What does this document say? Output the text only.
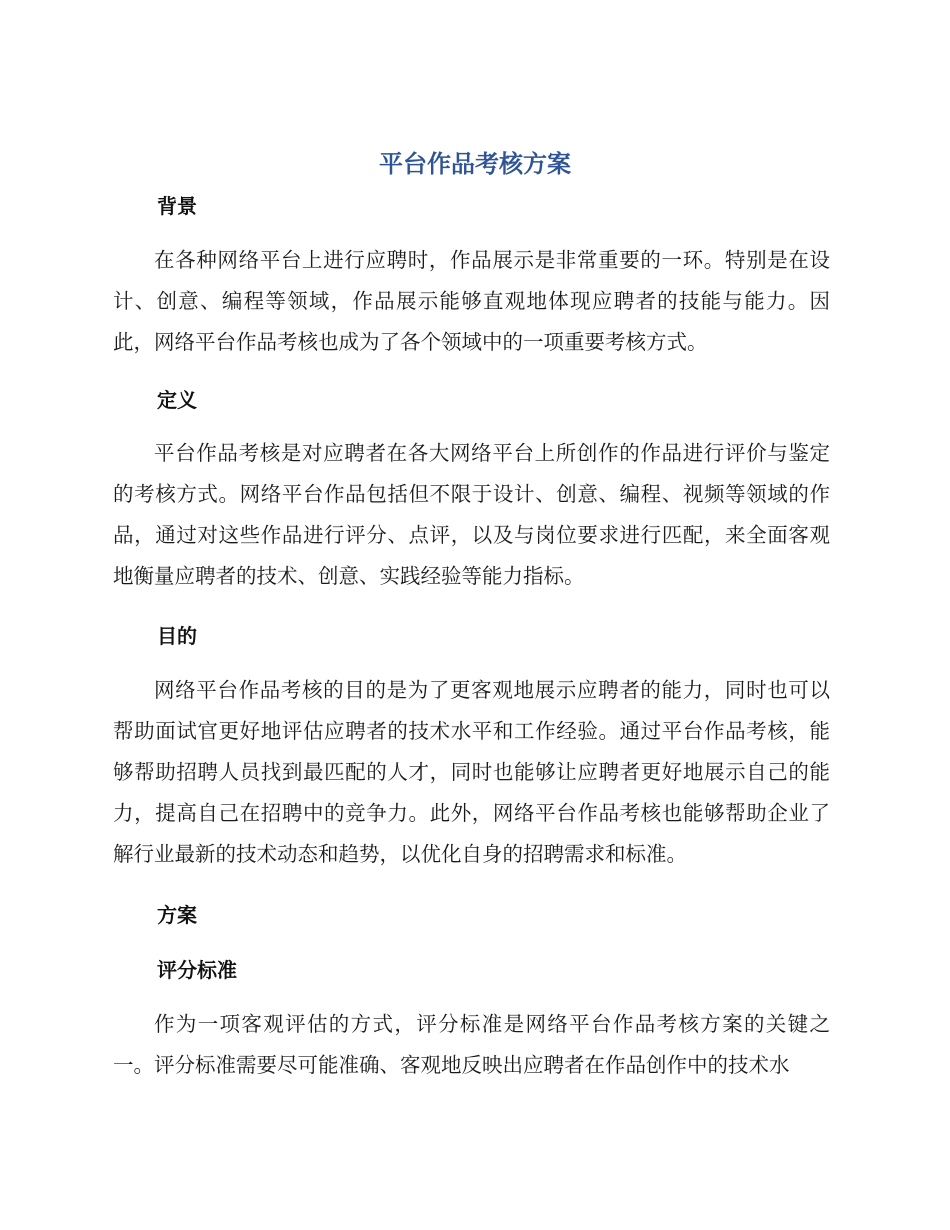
平台作品考核方案
背景

在各种网络平台上进行应聘时，作品展示是非常重要的一环。特别是在设计、创意、编程等领域，作品展示能够直观地体现应聘者的技能与能力。因此，网络平台作品考核也成为了各个领域中的一项重要考核方式。

定义

平台作品考核是对应聘者在各大网络平台上所创作的作品进行评价与鉴定的考核方式。网络平台作品包括但不限于设计、创意、编程、视频等领域的作品，通过对这些作品进行评分、点评，以及与岗位要求进行匹配，来全面客观地衡量应聘者的技术、创意、实践经验等能力指标。

目的

网络平台作品考核的目的是为了更客观地展示应聘者的能力，同时也可以帮助面试官更好地评估应聘者的技术水平和工作经验。通过平台作品考核，能够帮助招聘人员找到最匹配的人才，同时也能够让应聘者更好地展示自己的能力，提高自己在招聘中的竞争力。此外，网络平台作品考核也能够帮助企业了解行业最新的技术动态和趋势，以优化自身的招聘需求和标准。

方案
评分标准

作为一项客观评估的方式，评分标准是网络平台作品考核方案的关键之一。评分标准需要尽可能准确、客观地反映出应聘者在作品创作中的技术水
